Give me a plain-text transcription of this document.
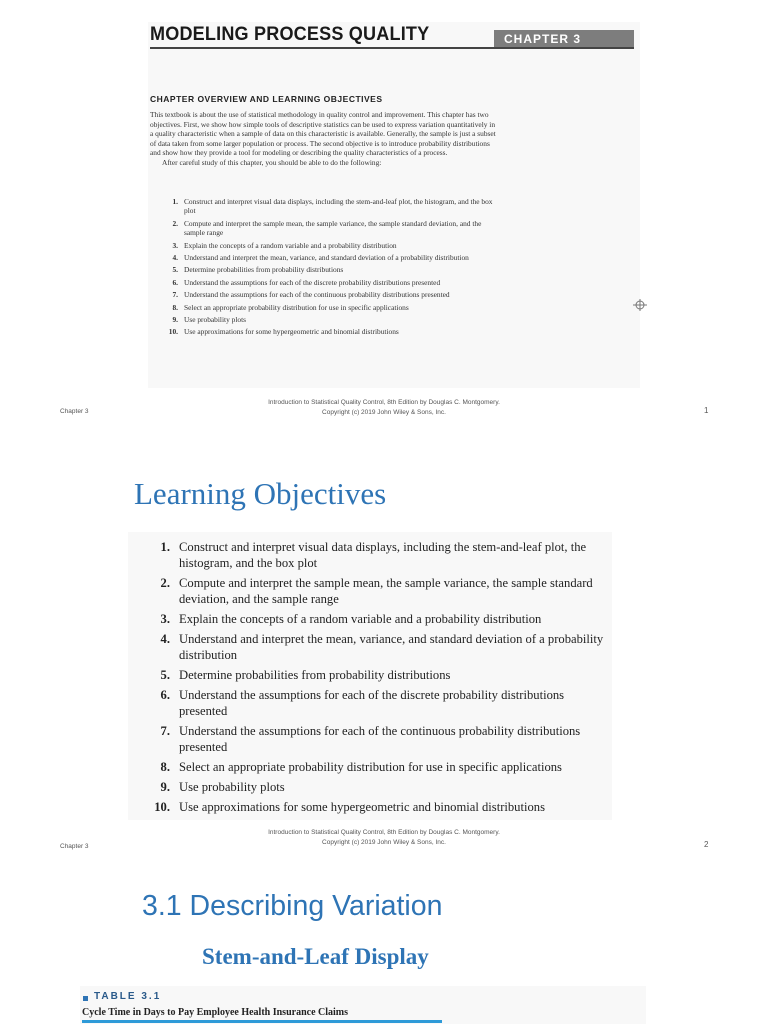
MODELING PROCESS QUALITY	CHAPTER 3
CHAPTER OVERVIEW AND LEARNING OBJECTIVES

This textbook is about the use of statistical methodology in quality control and improvement. This chapter has two objectives. First, we show how simple tools of descriptive statistics can be used to express variation quantitatively in a quality characteristic when a sample of data on this characteristic is available. Generally, the sample is just a subset of data taken from some larger population or process. The second objective is to introduce probability distributions and show how they provide a tool for modeling or describing the quality characteristics of a process.

After careful study of this chapter, you should be able to do the following:

1. Construct and interpret visual data displays, including the stem-and-leaf plot, the histogram, and the box plot
2. Compute and interpret the sample mean, the sample variance, the sample standard deviation, and the sample range
3. Explain the concepts of a random variable and a probability distribution
4. Understand and interpret the mean, variance, and standard deviation of a probability distribution
5. Determine probabilities from probability distributions
6. Understand the assumptions for each of the discrete probability distributions presented
7. Understand the assumptions for each of the continuous probability distributions presented
8. Select an appropriate probability distribution for use in specific applications
9. Use probability plots
10. Use approximations for some hypergeometric and binomial distributions
Chapter 3
Introduction to Statistical Quality Control, 8th Edition by Douglas C. Montgomery. Copyright (c) 2019 John Wiley & Sons, Inc.	1
Learning Objectives
1. Construct and interpret visual data displays, including the stem-and-leaf plot, the histogram, and the box plot
2. Compute and interpret the sample mean, the sample variance, the sample standard deviation, and the sample range
3. Explain the concepts of a random variable and a probability distribution
4. Understand and interpret the mean, variance, and standard deviation of a probability distribution
5. Determine probabilities from probability distributions
6. Understand the assumptions for each of the discrete probability distributions presented
7. Understand the assumptions for each of the continuous probability distributions presented
8. Select an appropriate probability distribution for use in specific applications
9. Use probability plots
10. Use approximations for some hypergeometric and binomial distributions
Chapter 3
Introduction to Statistical Quality Control, 8th Edition by Douglas C. Montgomery. Copyright (c) 2019 John Wiley & Sons, Inc.	2
3.1 Describing Variation
Stem-and-Leaf Display
TABLE 3.1
Cycle Time in Days to Pay Employee Health Insurance Claims
